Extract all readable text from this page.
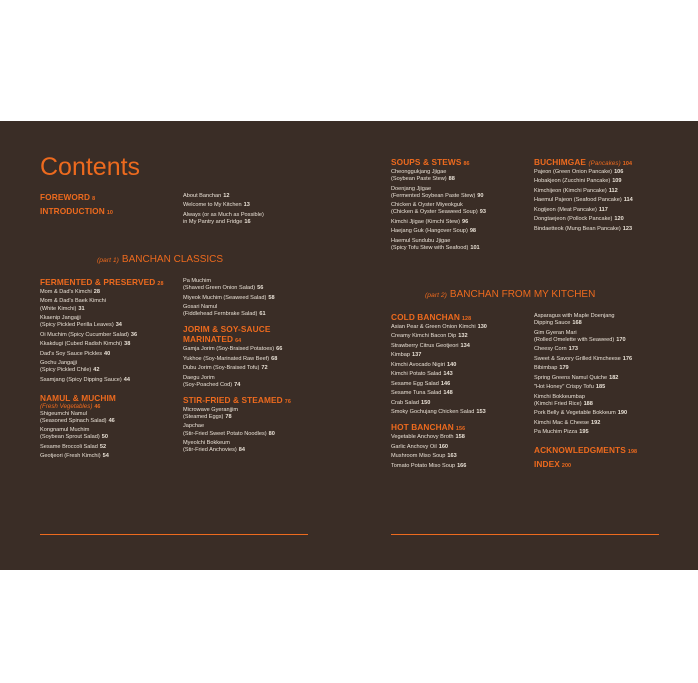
Contents
FOREWORD 8
INTRODUCTION 10
About Banchan 12
Welcome to My Kitchen 13
Always (or as Much as Possible)
in My Pantry and Fridge 16
(part 1) BANCHAN CLASSICS
FERMENTED & PRESERVED 28
Mom & Dad's Kimchi 28
Mom & Dad's Baek Kimchi
(White Kimchi) 31
Kkaenip Jangajji
(Spicy Pickled Perilla Leaves) 34
Oi Muchim (Spicy Cucumber Salad) 36
Kkakdugi (Cubed Radish Kimchi) 38
Dad's Soy Sauce Pickles 40
Gochu Jangajji
(Spicy Pickled Chile) 42
Ssamjang (Spicy Dipping Sauce) 44
NAMUL & MUCHIM
(Fresh Vegetables) 46
Shigeumchi Namul
(Seasoned Spinach Salad) 46
Kongnamul Muchim
(Soybean Sprout Salad) 50
Sesame Broccoli Salad 52
Geotjeori (Fresh Kimchi) 54
Pa Muchim
(Shaved Green Onion Salad) 56
Miyeok Muchim (Seaweed Salad) 58
Gosari Namul
(Fiddlehead Fernbrake Salad) 61
JORIM & SOY-SAUCE MARINATED 64
Gamja Jorim (Soy-Braised Potatoes) 66
Yukhoe (Soy-Marinated Raw Beef) 68
Dubu Jorim (Soy-Braised Tofu) 72
Daegu Jorim
(Soy-Poached Cod) 74
STIR-FRIED & STEAMED 76
Microwave Gyeranjjim
(Steamed Eggs) 78
Japchae
(Stir-Fried Sweet Potato Noodles) 80
Myeolchi Bokkeum
(Stir-Fried Anchovies) 84
SOUPS & STEWS 86
Cheonggukjang Jjigae
(Soybean Paste Stew) 88
Doenjang Jjigae
(Fermented Soybean Paste Stew) 90
Chicken & Oyster Miyeokguk
(Chicken & Oyster Seaweed Soup) 93
Kimchi Jjigae (Kimchi Stew) 96
Haejang Guk (Hangover Soup) 98
Haemul Sundubu Jjigae
(Spicy Tofu Stew with Seafood) 101
BUCHIMGAE (Pancakes) 104
Pajeon (Green Onion Pancake) 106
Hobakjeon (Zucchini Pancake) 109
Kimchijeon (Kimchi Pancake) 112
Haemul Pajeon (Seafood Pancake) 114
Kogijeon (Meat Pancake) 117
Dongtaejeon (Pollock Pancake) 120
Bindaetteok (Mung Bean Pancake) 123
(part 2) BANCHAN FROM MY KITCHEN
COLD BANCHAN 128
Asian Pear & Green Onion Kimchi 130
Creamy Kimchi Bacon Dip 132
Strawberry Citrus Geotjeori 134
Kimbap 137
Kimchi Avocado Nigiri 140
Kimchi Potato Salad 143
Sesame Egg Salad 146
Sesame Tuna Salad 148
Crab Salad 150
Smoky Gochujang Chicken Salad 153
HOT BANCHAN 156
Vegetable Anchovy Broth 158
Garlic Anchovy Oil 160
Mushroom Miso Soup 163
Tomato Potato Miso Soup 166
Asparagus with Maple Doenjang
Dipping Sauce 168
Gim Gyeran Mari
(Rolled Omelette with Seaweed) 170
Cheesy Corn 173
Sweet & Savory Grilled Kimcheese 176
Bibimbap 179
Spring Greens Namul Quiche 182
"Hot Honey" Crispy Tofu 185
Kimchi Bokkeumbap
(Kimchi Fried Rice) 188
Pork Belly & Vegetable Bokkeum 190
Kimchi Mac & Cheese 192
Pa Muchim Pizza 195
ACKNOWLEDGMENTS 198
INDEX 200
